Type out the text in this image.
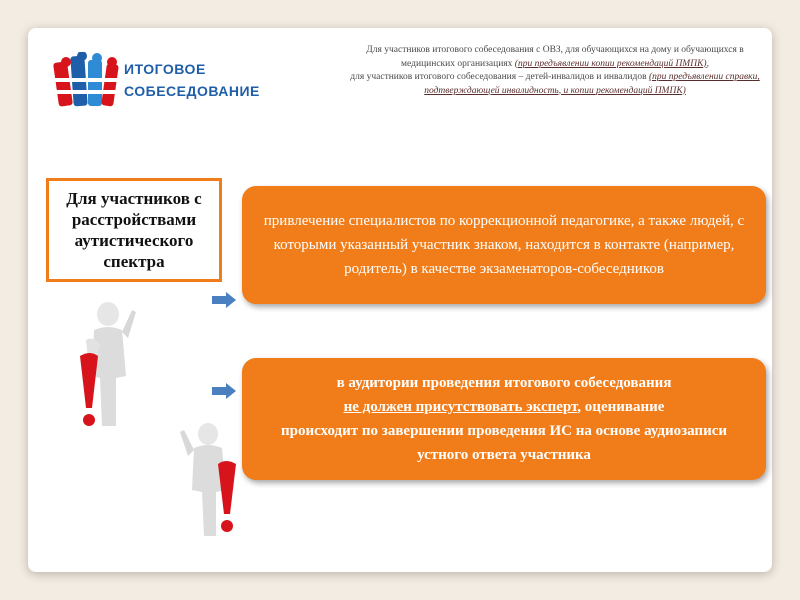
ИТОГОВОЕ
СОБЕСЕДОВАНИЕ
Для участников итогового собеседования с ОВЗ, для обучающихся на дому и обучающихся в
медицинских организациях (при предъявлении копии рекомендаций ПМПК),
для участников итогового собеседования – детей-инвалидов и инвалидов (при предъявлении справки,
подтверждающей инвалидность, и копии рекомендаций ПМПК)
Для участников с расстройствами аутистического спектра
привлечение специалистов по коррекционной педагогике, а также людей, с которыми указанный участник знаком, находится в контакте (например, родитель) в качестве экзаменаторов-собеседников
в аудитории проведения итогового собеседования
не должен присутствовать эксперт, оценивание
происходит по завершении проведения ИС на основе аудиозаписи устного ответа участника
